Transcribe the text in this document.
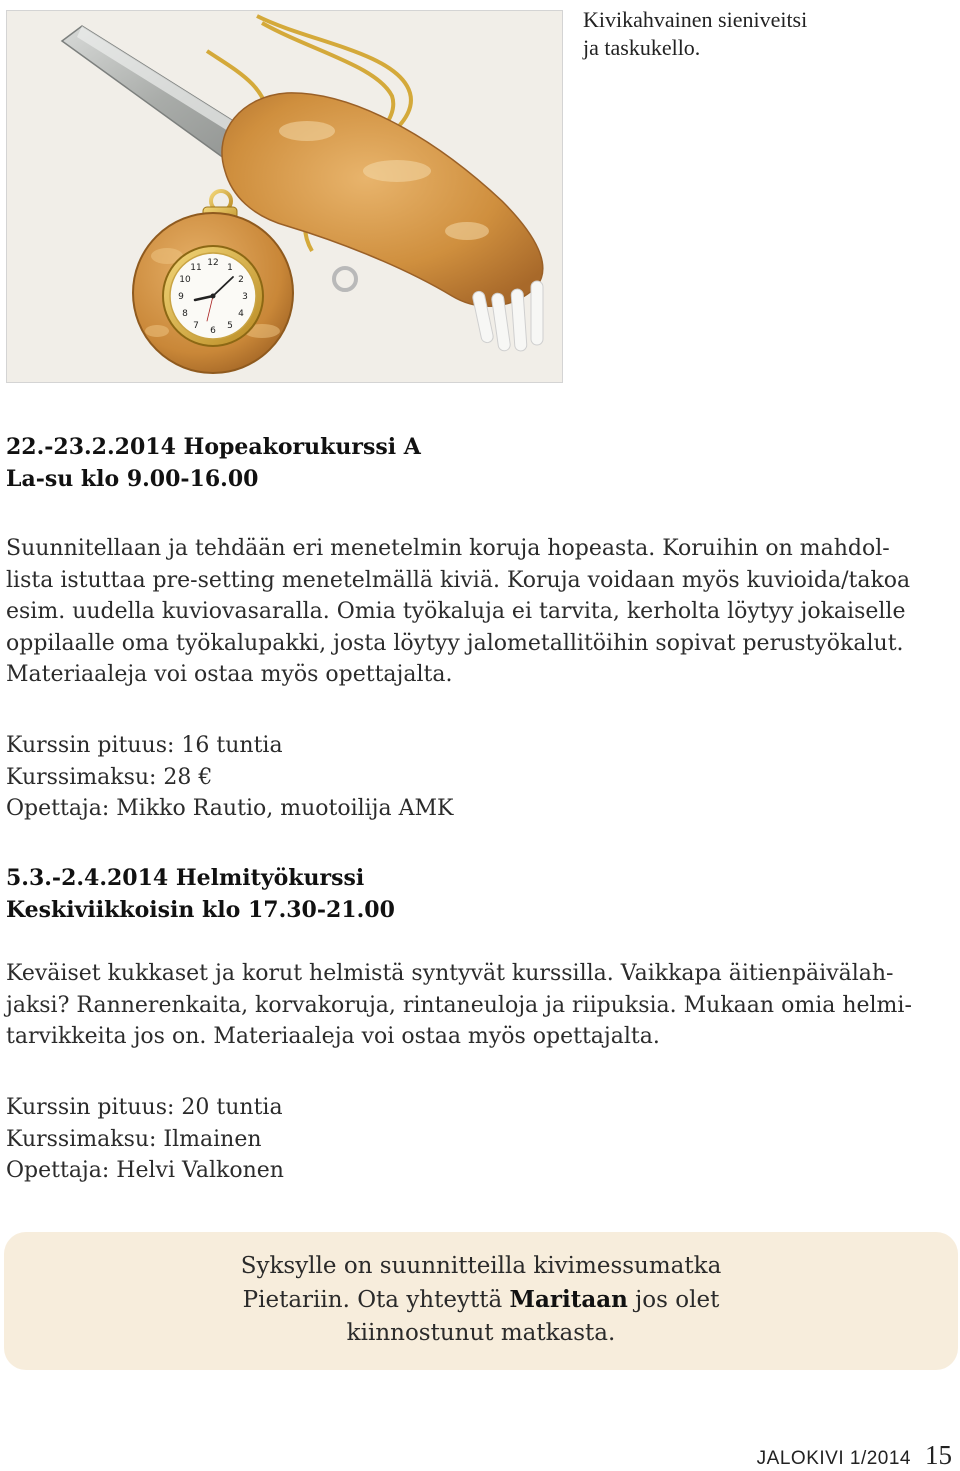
12 1
2
3
4
5
6
7
8
9
10
11

Kivikahvainen sieniveitsi
ja taskukello.

22.-23.2.2014 Hopeakorukurssi A
La-su klo 9.00-16.00

Suunnitellaan ja tehdään eri menetelmin koruja hopeasta. Koruihin on mahdol-
lista istuttaa pre-setting menetelmällä kiviä. Koruja voidaan myös kuvioida/takoa
esim. uudella kuviovasaralla. Omia työkaluja ei tarvita, kerholta löytyy jokaiselle
oppilaalle oma työkalupakki, josta löytyy jalometallitöihin sopivat perustyökalut.
Materiaaleja voi ostaa myös opettajalta.

Kurssin pituus: 16 tuntia
Kurssimaksu: 28 €
Opettaja: Mikko Rautio, muotoilija AMK

5.3.-2.4.2014 Helmityökurssi
Keskiviikkoisin klo 17.30-21.00

Keväiset kukkaset ja korut helmistä syntyvät kurssilla. Vaikkapa äitienpäivälah-
jaksi? Rannerenkaita, korvakoruja, rintaneuloja ja riipuksia. Mukaan omia helmi-
tarvikkeita jos on. Materiaaleja voi ostaa myös opettajalta.

Kurssin pituus: 20 tuntia
Kurssimaksu: Ilmainen
Opettaja: Helvi Valkonen

Syksylle on suunnitteilla kivimessumatka
Pietariin. Ota yhteyttä Maritaan jos olet
kiinnostunut matkasta.

JALOKIVI 1/2014 15
